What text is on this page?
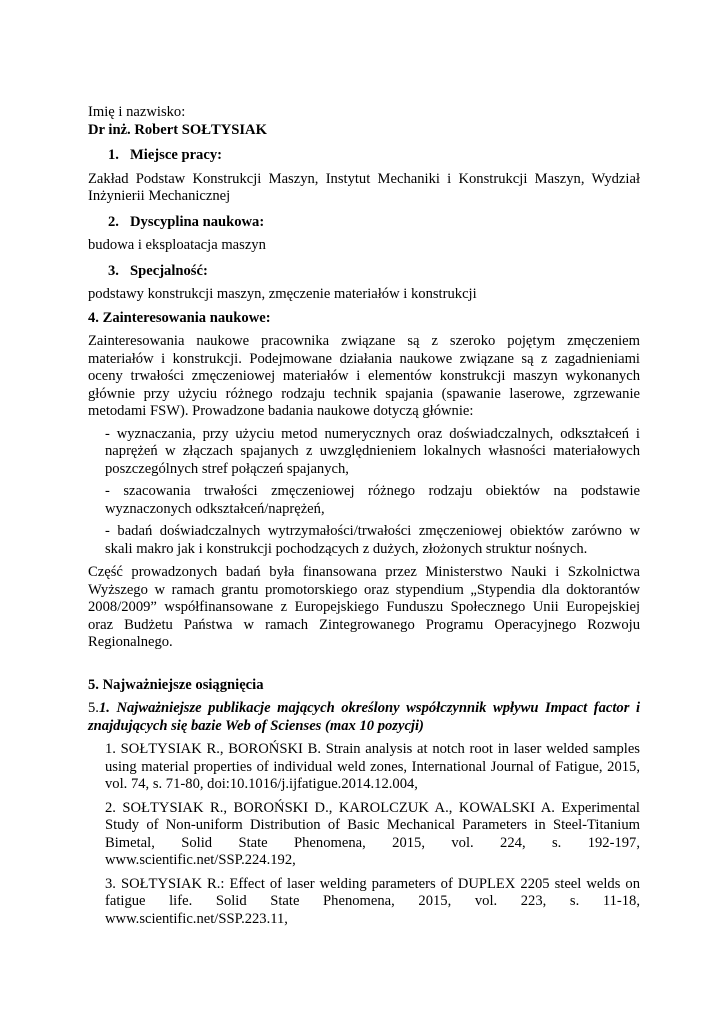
Imię i nazwisko:

Dr inż. Robert SOŁTYSIAK

1. Miejsce pracy:

Zakład Podstaw Konstrukcji Maszyn, Instytut Mechaniki i Konstrukcji Maszyn, Wydział Inżynierii Mechanicznej

2. Dyscyplina naukowa:

budowa i eksploatacja maszyn

3. Specjalność:

podstawy konstrukcji maszyn, zmęczenie materiałów i konstrukcji

4. Zainteresowania naukowe:

Zainteresowania naukowe pracownika związane są z szeroko pojętym zmęczeniem materiałów i konstrukcji. Podejmowane działania naukowe związane są z zagadnieniami oceny trwałości zmęczeniowej materiałów i elementów konstrukcji maszyn wykonanych głównie przy użyciu różnego rodzaju technik spajania (spawanie laserowe, zgrzewanie metodami FSW). Prowadzone badania naukowe dotyczą głównie:

- wyznaczania, przy użyciu metod numerycznych oraz doświadczalnych, odkształceń i naprężeń w złączach spajanych z uwzględnieniem lokalnych własności materiałowych poszczególnych stref połączeń spajanych,

- szacowania trwałości zmęczeniowej różnego rodzaju obiektów na podstawie wyznaczonych odkształceń/naprężeń,

- badań doświadczalnych wytrzymałości/trwałości zmęczeniowej obiektów zarówno w skali makro jak i konstrukcji pochodzących z dużych, złożonych struktur nośnych.

Część prowadzonych badań była finansowana przez Ministerstwo Nauki i Szkolnictwa Wyższego w ramach grantu promotorskiego oraz stypendium „Stypendia dla doktorantów 2008/2009” współfinansowane z Europejskiego Funduszu Społecznego Unii Europejskiej oraz Budżetu Państwa w ramach Zintegrowanego Programu Operacyjnego Rozwoju Regionalnego.

5. Najważniejsze osiągnięcia

5.1. Najważniejsze publikacje mających określony współczynnik wpływu Impact factor i znajdujących się bazie Web of Scienses (max 10 pozycji)

1. SOŁTYSIAK R., BOROŃSKI B. Strain analysis at notch root in laser welded samples using material properties of individual weld zones, International Journal of Fatigue, 2015, vol. 74, s. 71-80, doi:10.1016/j.ijfatigue.2014.12.004,

2. SOŁTYSIAK R., BOROŃSKI D., KAROLCZUK A., KOWALSKI A. Experimental Study of Non-uniform Distribution of Basic Mechanical Parameters in Steel-Titanium Bimetal, Solid State Phenomena, 2015, vol. 224, s. 192-197, www.scientific.net/SSP.224.192,

3. SOŁTYSIAK R.: Effect of laser welding parameters of DUPLEX 2205 steel welds on fatigue life. Solid State Phenomena, 2015, vol. 223, s. 11-18, www.scientific.net/SSP.223.11,
